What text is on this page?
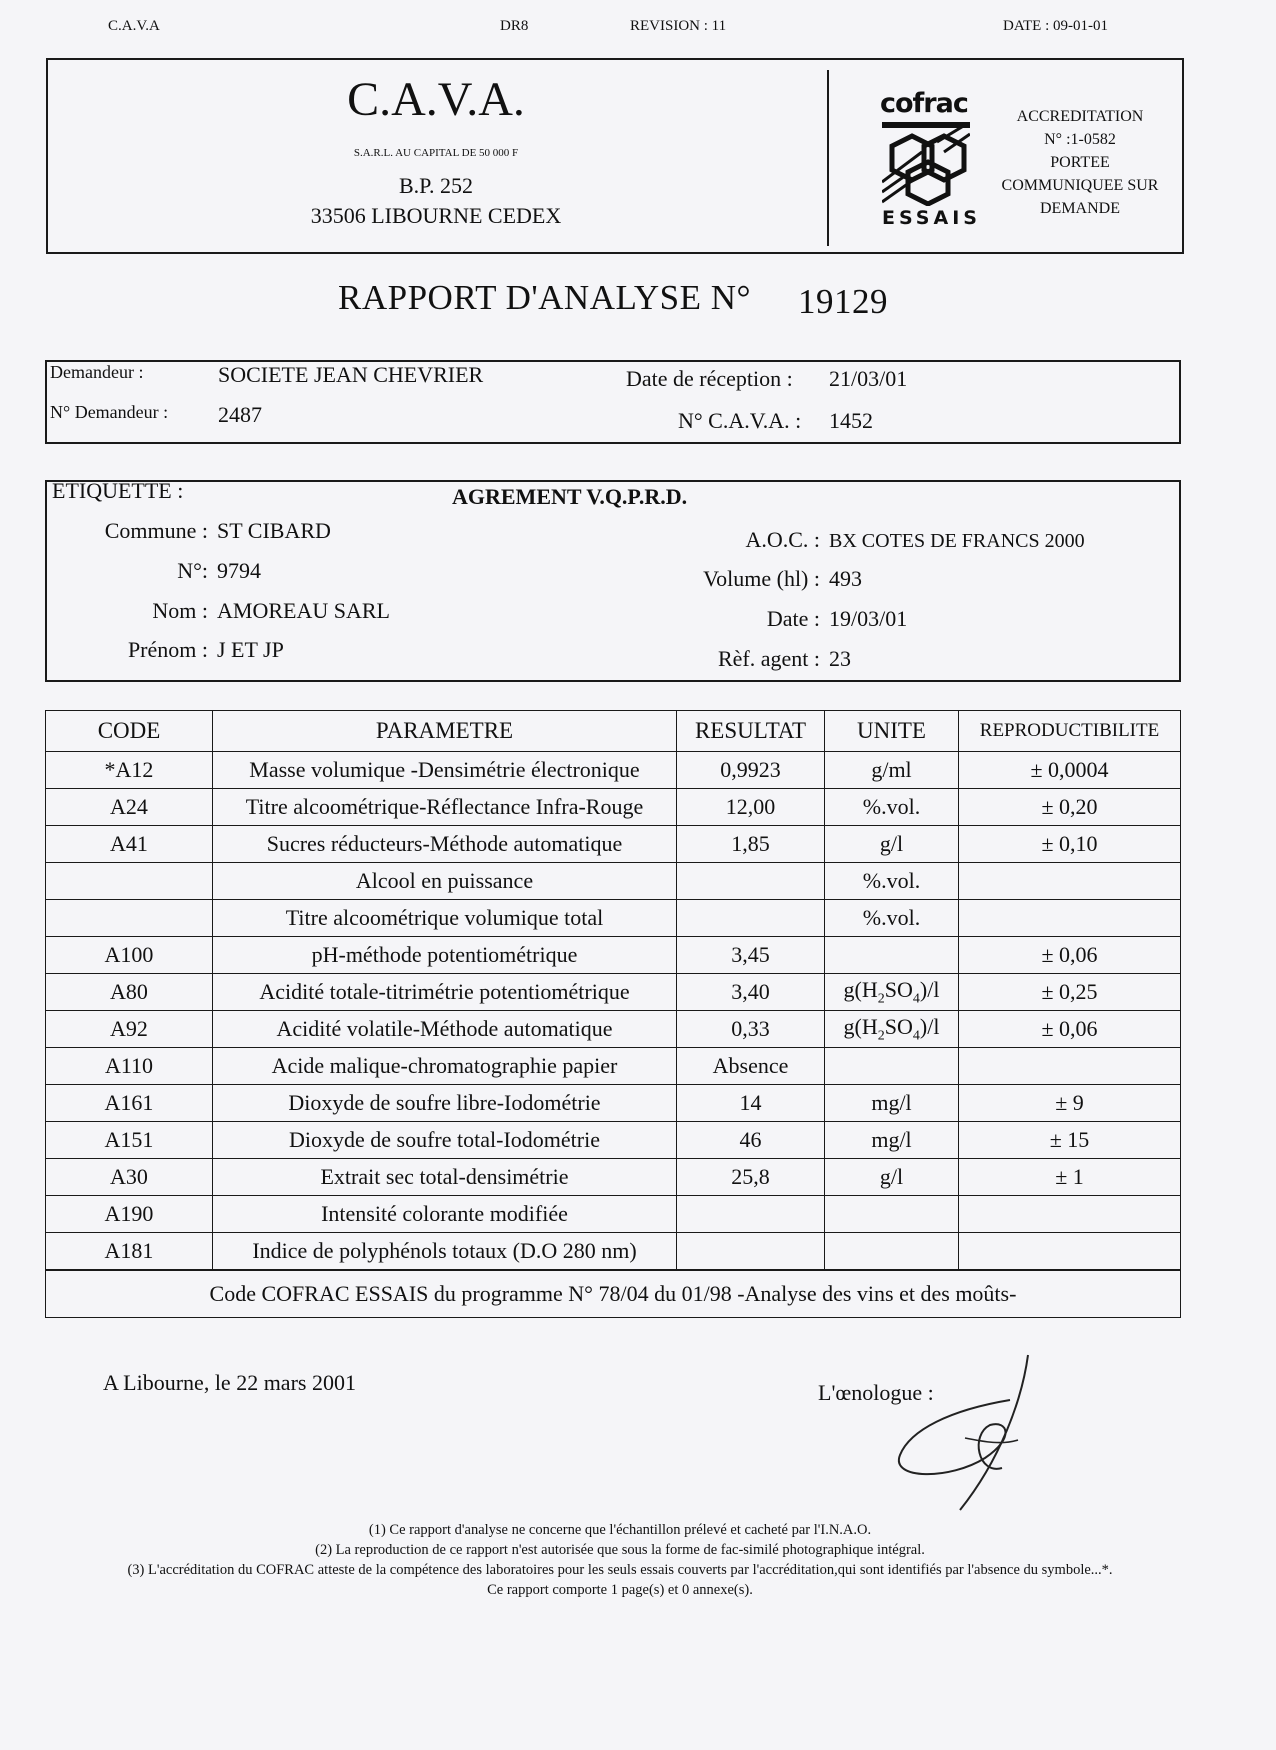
C.A.V.A	DR8	REVISION : 11	DATE : 09-01-01
C.A.V.A.
S.A.R.L. AU CAPITAL DE 50 000 F
B.P. 252
33506 LIBOURNE CEDEX
cofrac
ESSAIS
ACCREDITATION
N° :1-0582
PORTEE
COMMUNIQUEE SUR
DEMANDE
RAPPORT D'ANALYSE N° 19129
Demandeur :	SOCIETE JEAN CHEVRIER
N° Demandeur : 2487
Date de réception : 21/03/01
N° C.A.V.A. : 1452
ETIQUETTE :	AGREMENT V.Q.P.R.D.
Commune : ST CIBARD
N°: 9794
Nom : AMOREAU SARL
Prénom : J ET JP
A.O.C. : BX COTES DE FRANCS 2000
Volume (hl) : 493
Date : 19/03/01
Rèf. agent : 23
CODE	PARAMETRE	RESULTAT	UNITE	REPRODUCTIBILITE
*A12	Masse volumique -Densimétrie électronique	0,9923	g/ml	± 0,0004
A24	Titre alcoométrique-Réflectance Infra-Rouge	12,00	%.vol.	± 0,20
A41	Sucres réducteurs-Méthode automatique	1,85	g/l	± 0,10
	Alcool en puissance		%.vol.	
	Titre alcoométrique volumique total		%.vol.	
A100	pH-méthode potentiométrique	3,45		± 0,06
A80	Acidité totale-titrimétrie potentiométrique	3,40	$g(H_2SO_4)/l$	± 0,25
A92	Acidité volatile-Méthode automatique	0,33	$g(H_2SO_4)/l$	± 0,06
A110	Acide malique-chromatographie papier	Absence		
A161	Dioxyde de soufre libre-Iodométrie	14	mg/l	± 9
A151	Dioxyde de soufre total-Iodométrie	46	mg/l	± 15
A30	Extrait sec total-densimétrie	25,8	g/l	± 1
A190	Intensité colorante modifiée			
A181	Indice de polyphénols totaux (D.O 280 nm)			
Code COFRAC ESSAIS du programme N° 78/04 du 01/98 -Analyse des vins et des moûts-				
A Libourne, le 22 mars 2001	L'œnologue :
(1) Ce rapport d'analyse ne concerne que l'échantillon prélevé et cacheté par l'I.N.A.O.
(2) La reproduction de ce rapport n'est autorisée que sous la forme de fac-similé photographique intégral.
(3) L'accréditation du COFRAC atteste de la compétence des laboratoires pour les seuls essais couverts par l'accréditation,qui sont identifiés par l'absence du symbole...*.
Ce rapport comporte 1 page(s) et 0 annexe(s).
